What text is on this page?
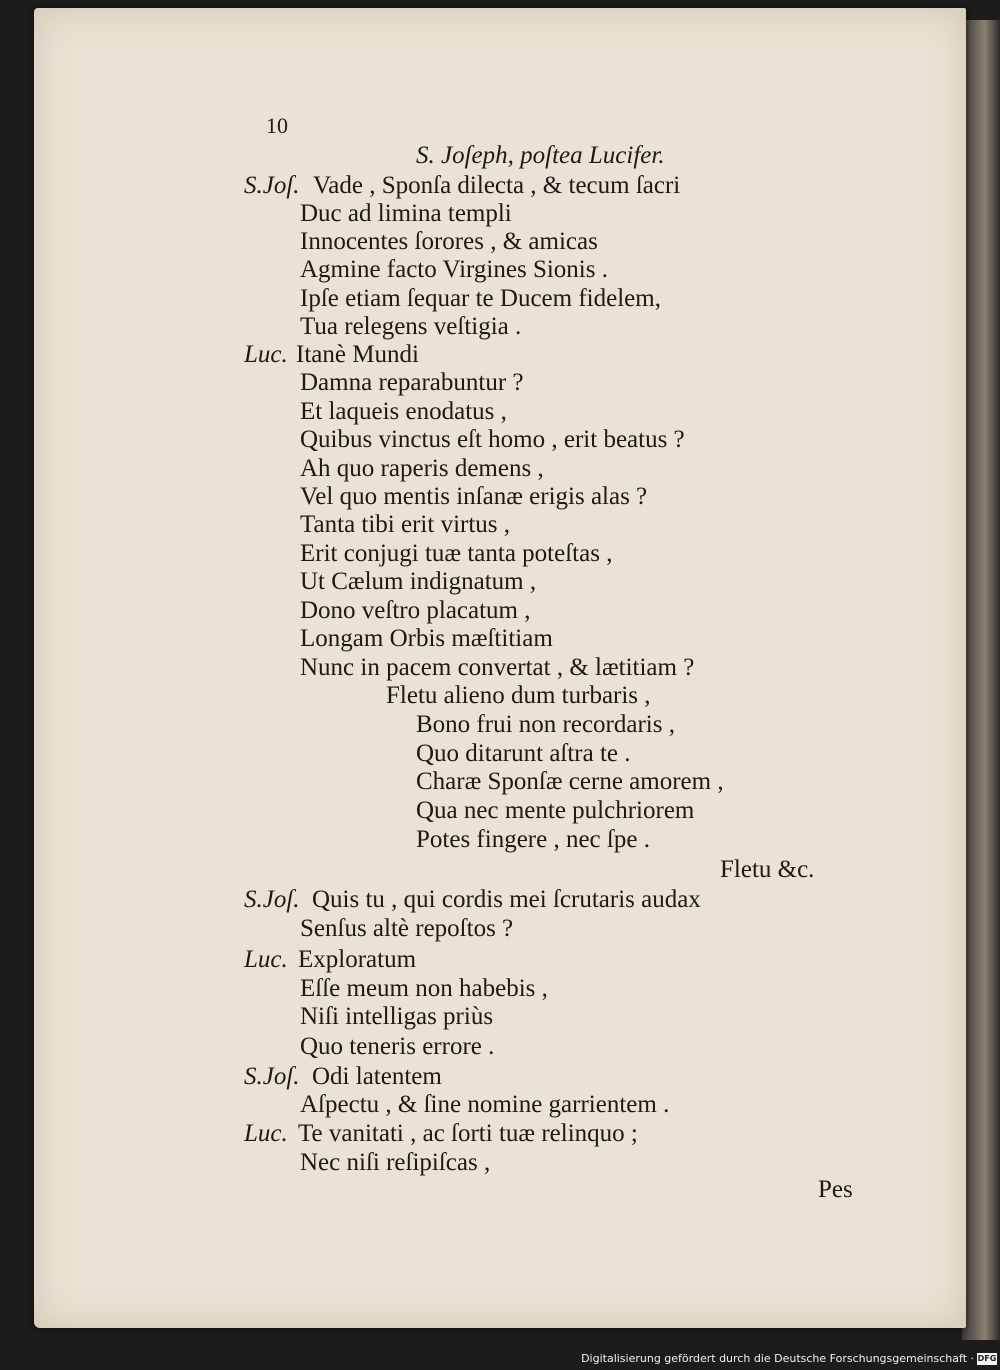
10
S. Joſeph, poſtea Lucifer.
S.Joſ.
Luc.
S.Joſ.
Luc.
S.Joſ.
Luc.
Vade , Sponſa dilecta , & tecum ſacri
Duc ad limina templi
Innocentes ſorores , & amicas
Agmine facto Virgines Sionis .
Ipſe etiam ſequar te Ducem fidelem,
Tua relegens veſtigia .
Itanè Mundi
Damna reparabuntur ?
Et laqueis enodatus ,
Quibus vinctus eſt homo , erit beatus ?
Ah quo raperis demens ,
Vel quo mentis inſanæ erigis alas ?
Tanta tibi erit virtus ,
Erit conjugi tuæ tanta poteſtas ,
Ut Cælum indignatum ,
Dono veſtro placatum ,
Longam Orbis mæſtitiam
Nunc in pacem convertat , & lætitiam ?
Fletu alieno dum turbaris ,
Bono frui non recordaris ,
Quo ditarunt aſtra te .
Charæ Sponſæ cerne amorem ,
Qua nec mente pulchriorem
Potes fingere , nec ſpe .
Fletu &c.
Quis tu , qui cordis mei ſcrutaris audax
Senſus altè repoſtos ?
Exploratum
Eſſe meum non habebis ,
Niſi intelligas priùs
Quo teneris errore .
Odi latentem
Aſpectu , & ſine nomine garrientem .
Te vanitati , ac ſorti tuæ relinquo ;
Nec niſi reſipiſcas ,
Pes
Digitalisierung gefördert durch die Deutsche Forschungsgemeinschaft · DFG
